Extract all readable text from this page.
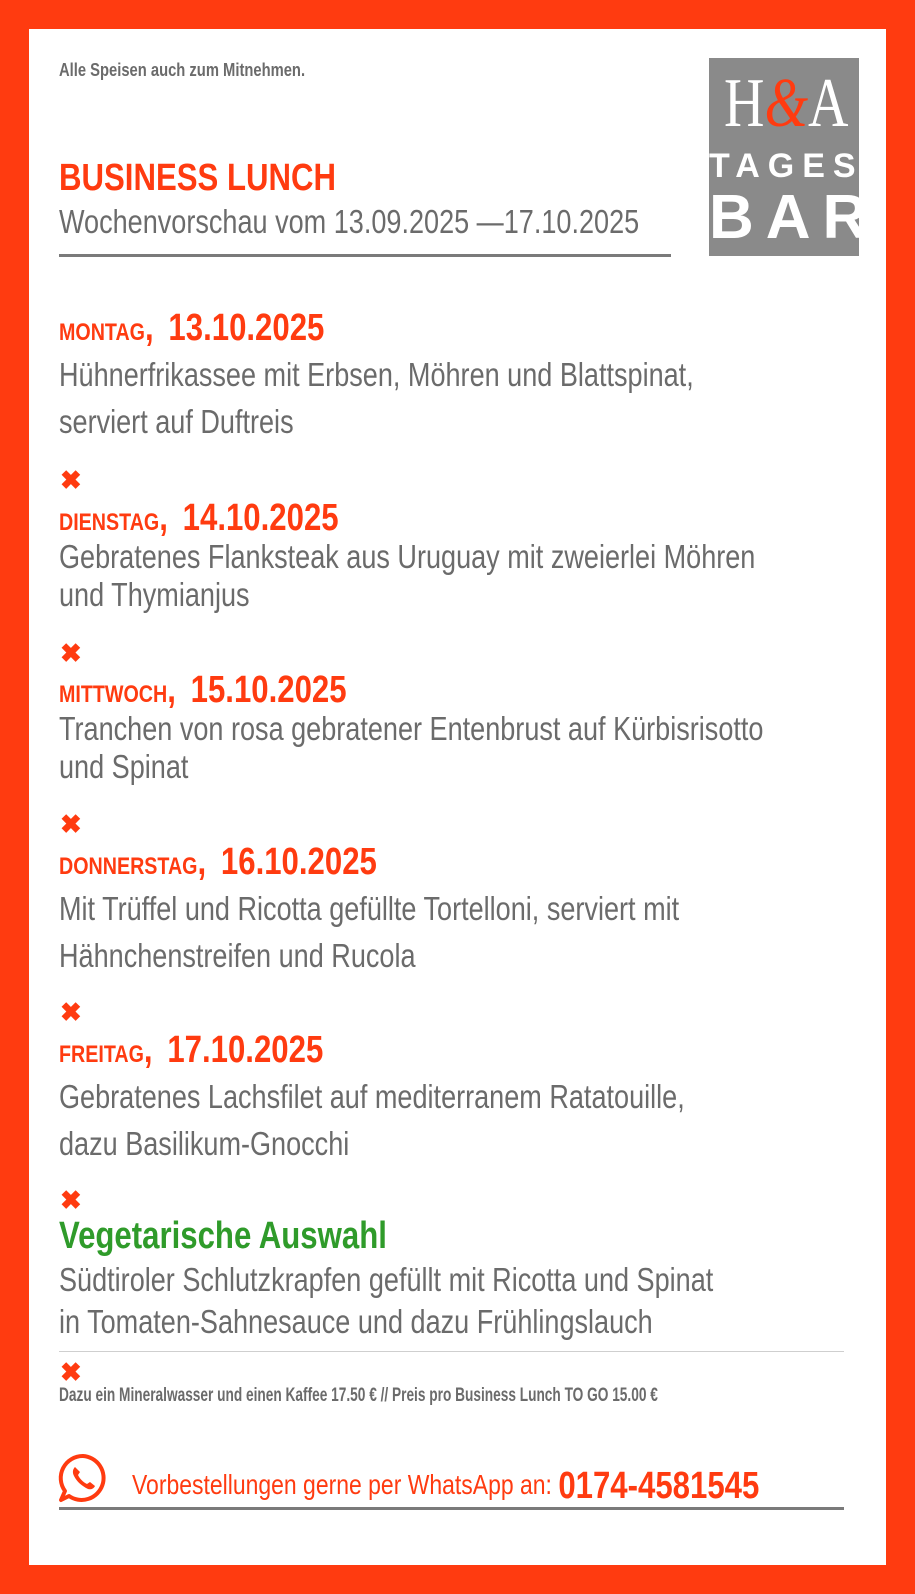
Alle Speisen auch zum Mitnehmen.	H&A
TAGES
BAR
BUSINESS LUNCH
Wochenvorschau vom 13.09.2025 —17.10.2025
MONTAG, 13.10.2025
Hühnerfrikassee mit Erbsen, Möhren und Blattspinat,
serviert auf Duftreis
✖
DIENSTAG, 14.10.2025
Gebratenes Flanksteak aus Uruguay mit zweierlei Möhren
und Thymianjus
✖
MITTWOCH, 15.10.2025
Tranchen von rosa gebratener Entenbrust auf Kürbisrisotto
und Spinat
✖
DONNERSTAG, 16.10.2025
Mit Trüffel und Ricotta gefüllte Tortelloni, serviert mit
Hähnchenstreifen und Rucola
✖
FREITAG, 17.10.2025
Gebratenes Lachsfilet auf mediterranem Ratatouille,
dazu Basilikum-Gnocchi
✖
Vegetarische Auswahl
Südtiroler Schlutzkrapfen gefüllt mit Ricotta und Spinat
in Tomaten-Sahnesauce und dazu Frühlingslauch
✖
Dazu ein Mineralwasser und einen Kaffee 17.50 € // Preis pro Business Lunch TO GO 15.00 €
Vorbestellungen gerne per WhatsApp an: 0174-4581545
